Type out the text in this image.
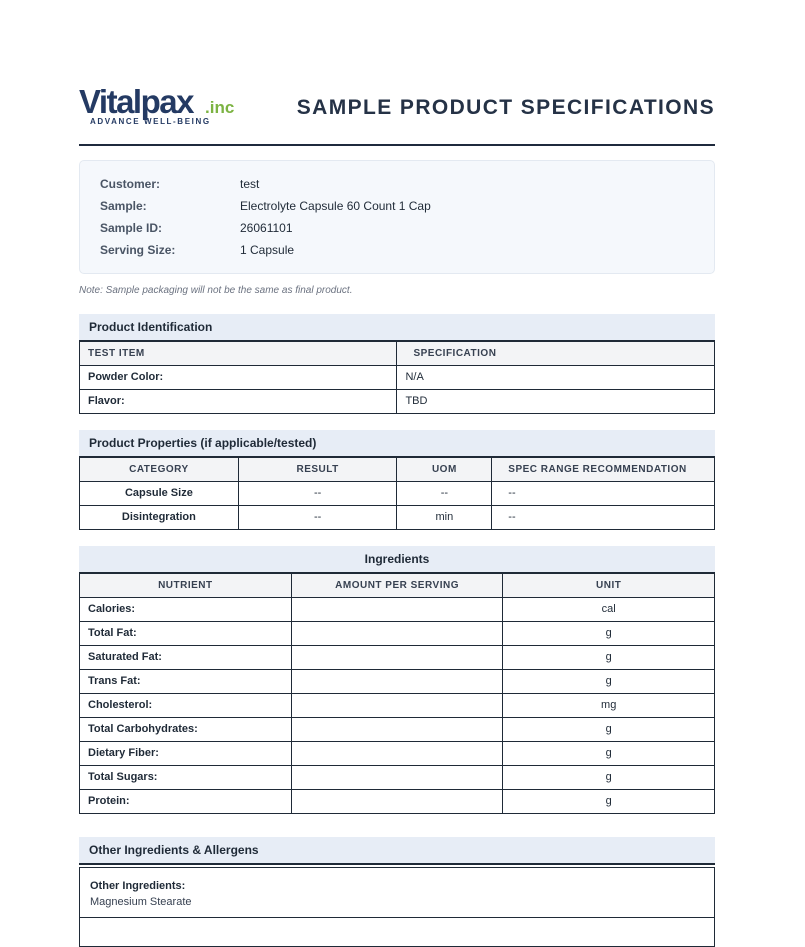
Vitalpax .inc
ADVANCE WELL-BEING
SAMPLE PRODUCT SPECIFICATIONS
Customer:	test
Sample:	Electrolyte Capsule 60 Count 1 Cap
Sample ID:	26061101
Serving Size:	1 Capsule
Note: Sample packaging will not be the same as final product.
Product Identification
TEST ITEM	SPECIFICATION
Powder Color:	N/A
Flavor:	TBD
Product Properties (if applicable/tested)
CATEGORY	RESULT	UOM	SPEC RANGE RECOMMENDATION
Capsule Size	--	--	--
Disintegration	--	min	--
Ingredients
NUTRIENT	AMOUNT PER SERVING	UNIT
Calories:		cal
Total Fat:		g
Saturated Fat:		g
Trans Fat:		g
Cholesterol:		mg
Total Carbohydrates:		g
Dietary Fiber:		g
Total Sugars:		g
Protein:		g
Other Ingredients & Allergens
Other Ingredients:
Magnesium Stearate
